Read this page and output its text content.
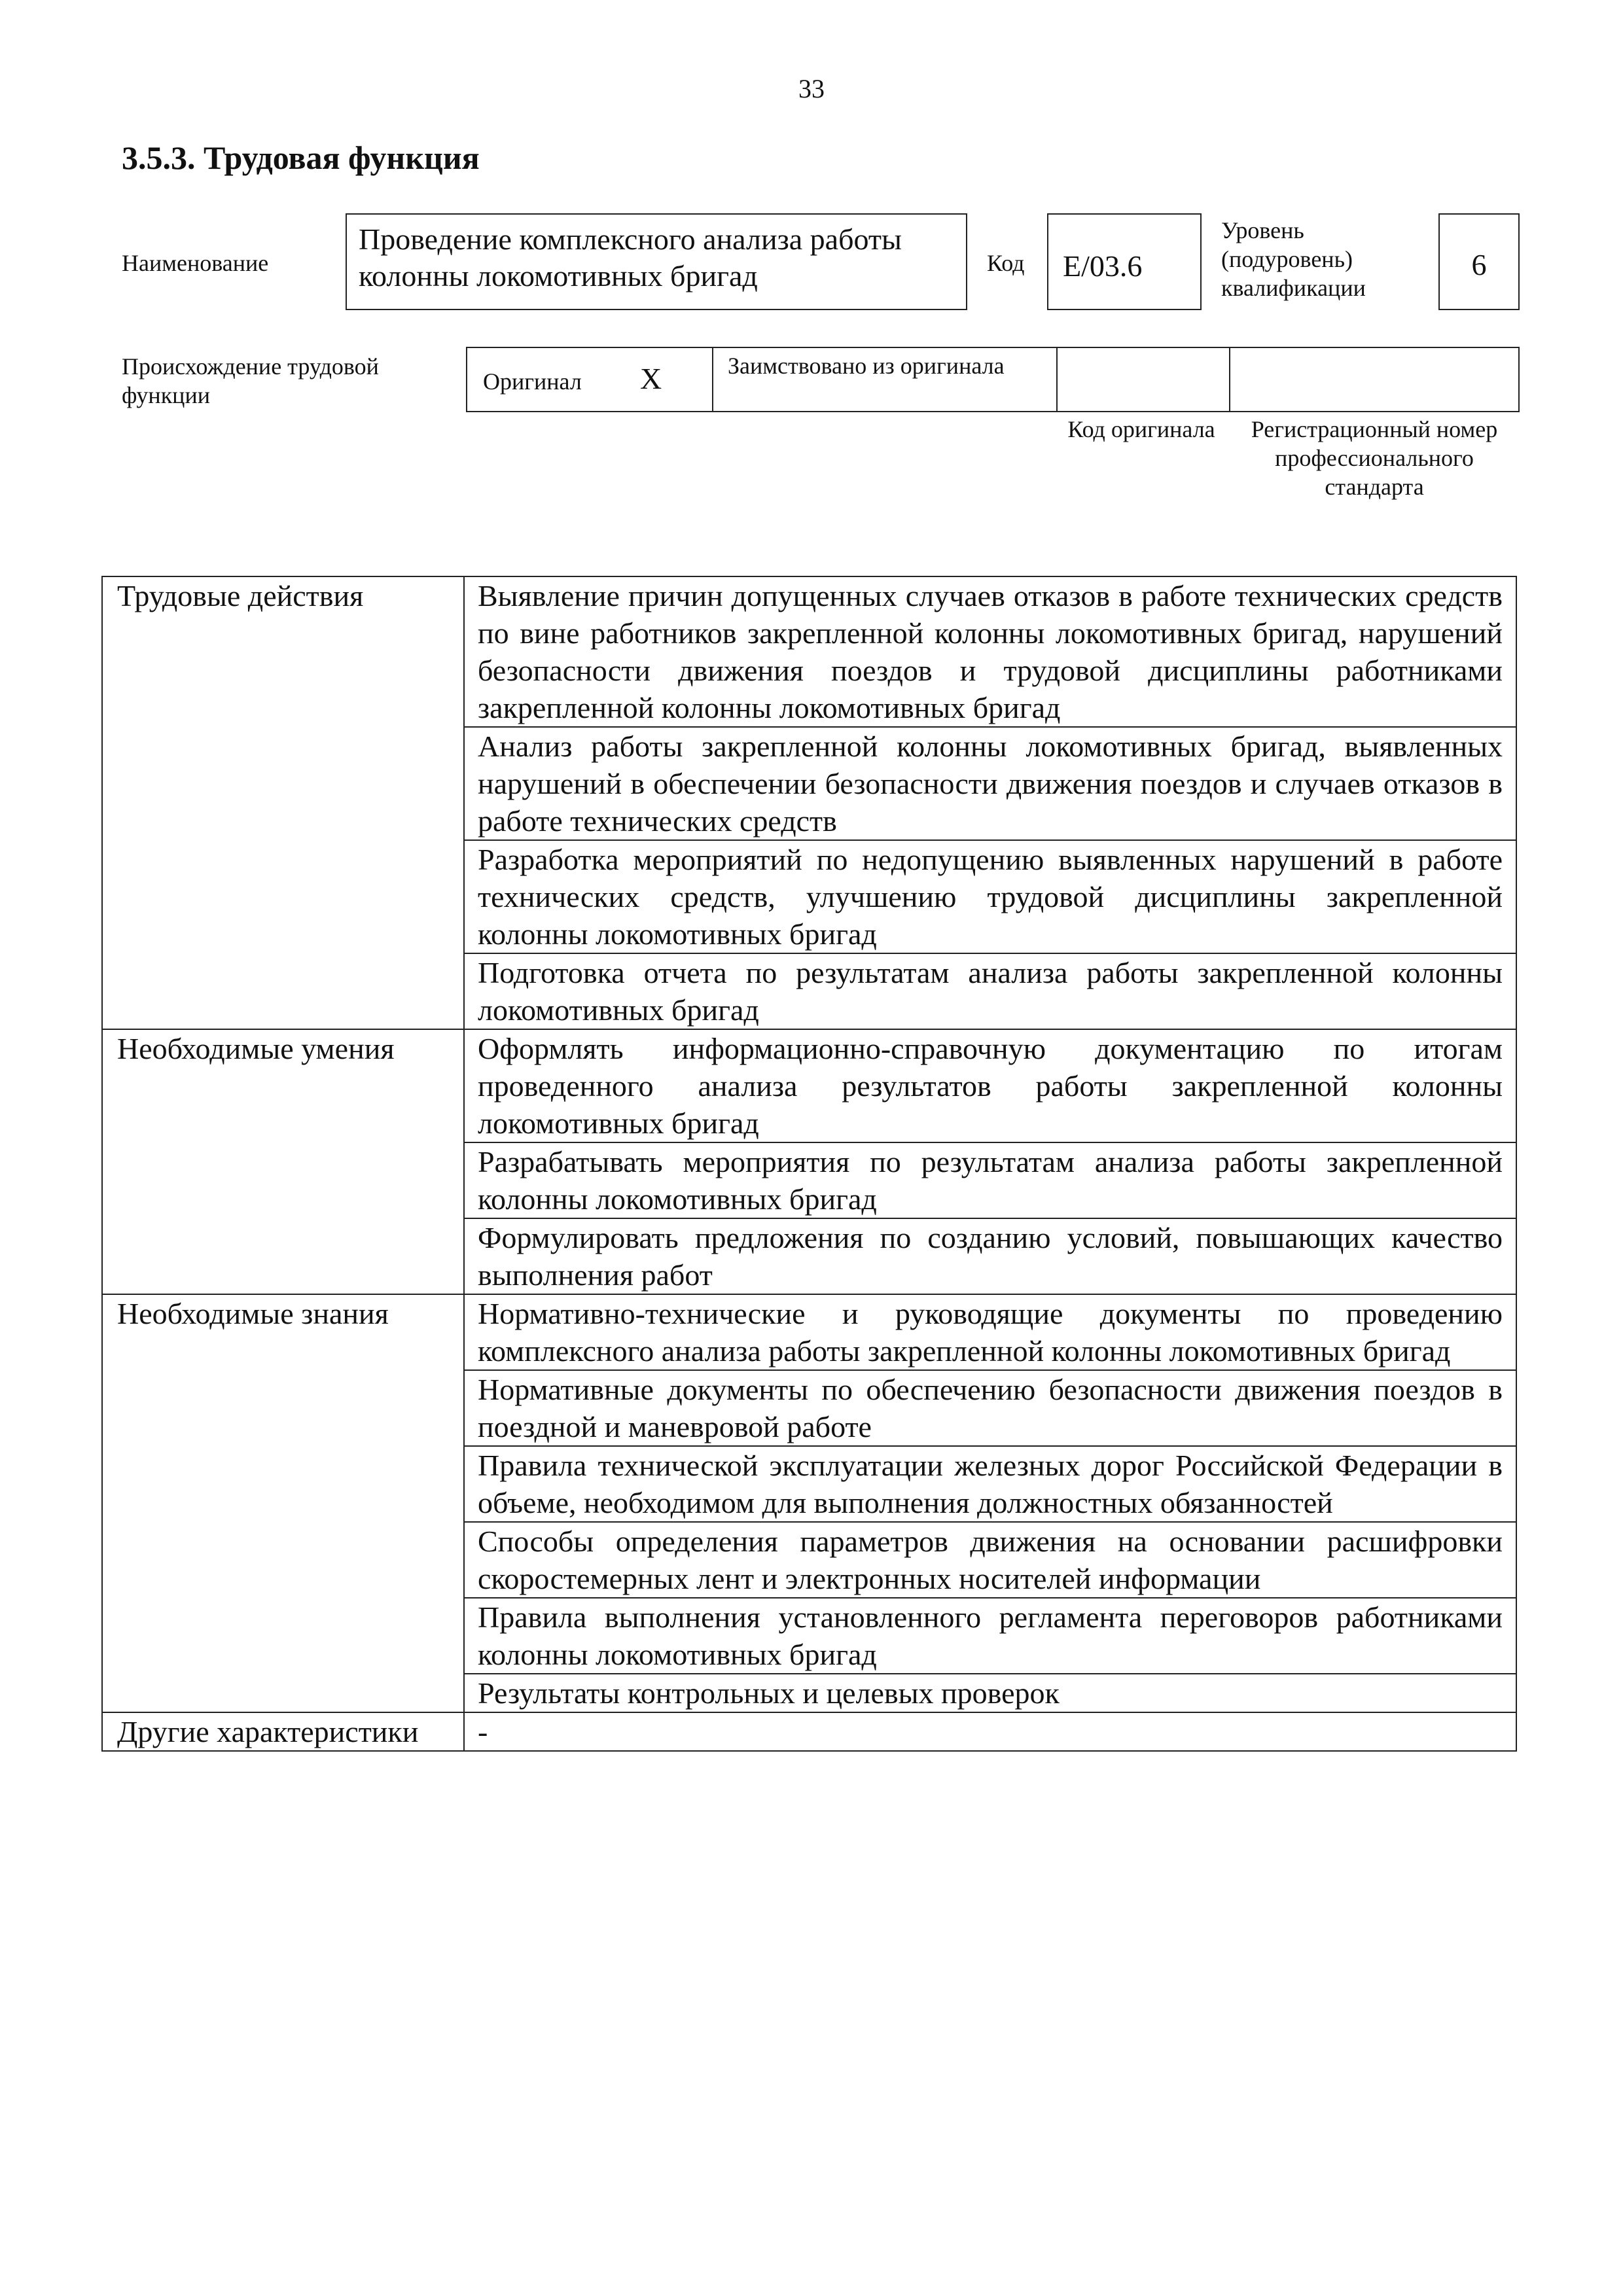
33
3.5.3. Трудовая функция
Наименование
Проведение комплексного анализа работы колонны локомотивных бригад	Код	E/03.6
Уровень
(подуровень)
квалификации
6
Происхождение трудовой функции
Оригинал X	Заимствовано из оригинала
Код оригинала	Регистрационный номер профессионального стандарта
Трудовые действия	Выявление причин допущенных случаев отказов в работе технических средств по вине работников закрепленной колонны локомотивных бригад, нарушений безопасности движения поездов и трудовой дисциплины работниками закрепленной колонны локомотивных бригад
	Анализ работы закрепленной колонны локомотивных бригад, выявленных нарушений в обеспечении безопасности движения поездов и случаев отказов в работе технических средств
	Разработка мероприятий по недопущению выявленных нарушений в работе технических средств, улучшению трудовой дисциплины закрепленной колонны локомотивных бригад
	Подготовка отчета по результатам анализа работы закрепленной колонны локомотивных бригад
Необходимые умения	Оформлять информационно-справочную документацию по итогам проведенного анализа результатов работы закрепленной колонны локомотивных бригад
	Разрабатывать мероприятия по результатам анализа работы закрепленной колонны локомотивных бригад
	Формулировать предложения по созданию условий, повышающих качество выполнения работ
Необходимые знания	Нормативно-технические и руководящие документы по проведению комплексного анализа работы закрепленной колонны локомотивных бригад
	Нормативные документы по обеспечению безопасности движения поездов в поездной и маневровой работе
	Правила технической эксплуатации железных дорог Российской Федерации в объеме, необходимом для выполнения должностных обязанностей
	Способы определения параметров движения на основании расшифровки скоростемерных лент и электронных носителей информации
	Правила выполнения установленного регламента переговоров работниками колонны локомотивных бригад
	Результаты контрольных и целевых проверок
Другие характеристики	-
